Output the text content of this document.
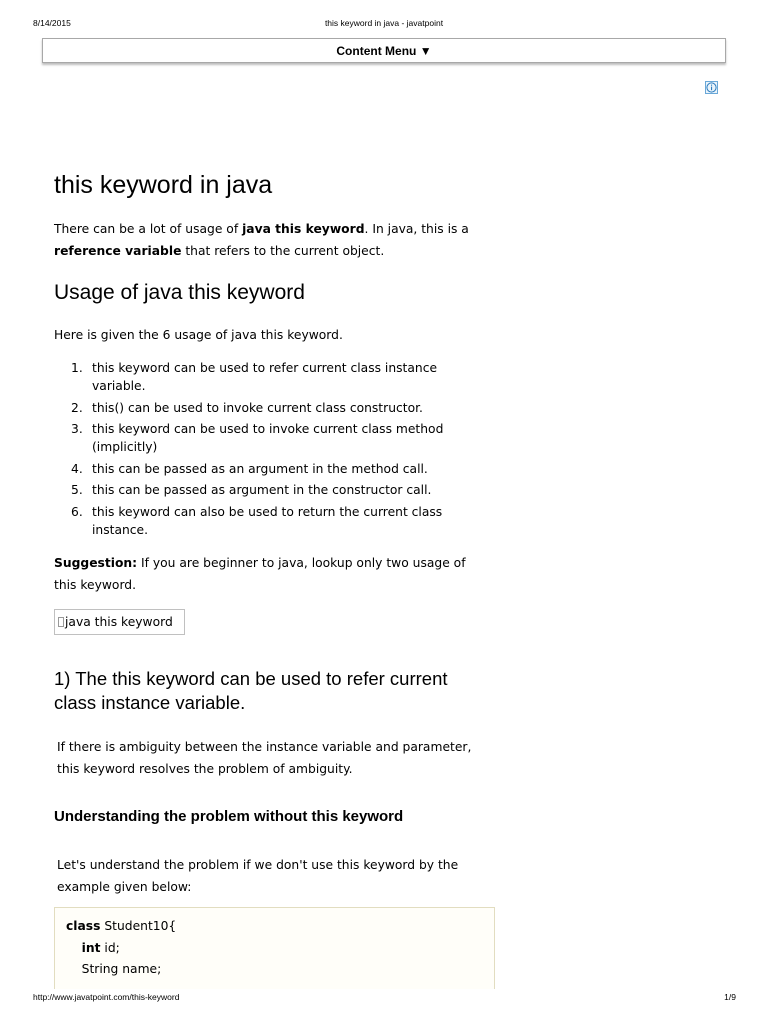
8/14/2015	this keyword in java - javatpoint
Content Menu ▼
this keyword in java

There can be a lot of usage of java this keyword. In java, this is a reference variable that refers to the current object.

Usage of java this keyword

Here is given the 6 usage of java this keyword.

1. this keyword can be used to refer current class instance variable.
2. this() can be used to invoke current class constructor.
3. this keyword can be used to invoke current class method (implicitly)
4. this can be passed as an argument in the method call.
5. this can be passed as argument in the constructor call.
6. this keyword can also be used to return the current class instance.

Suggestion: If you are beginner to java, lookup only two usage of this keyword.

java this keyword
1) The this keyword can be used to refer current class instance variable.

If there is ambiguity between the instance variable and parameter, this keyword resolves the problem of ambiguity.

Understanding the problem without this keyword

Let's understand the problem if we don't use this keyword by the example given below:

class Student10{
int id;
String name;
http://www.javatpoint.com/this-keyword	1/9
